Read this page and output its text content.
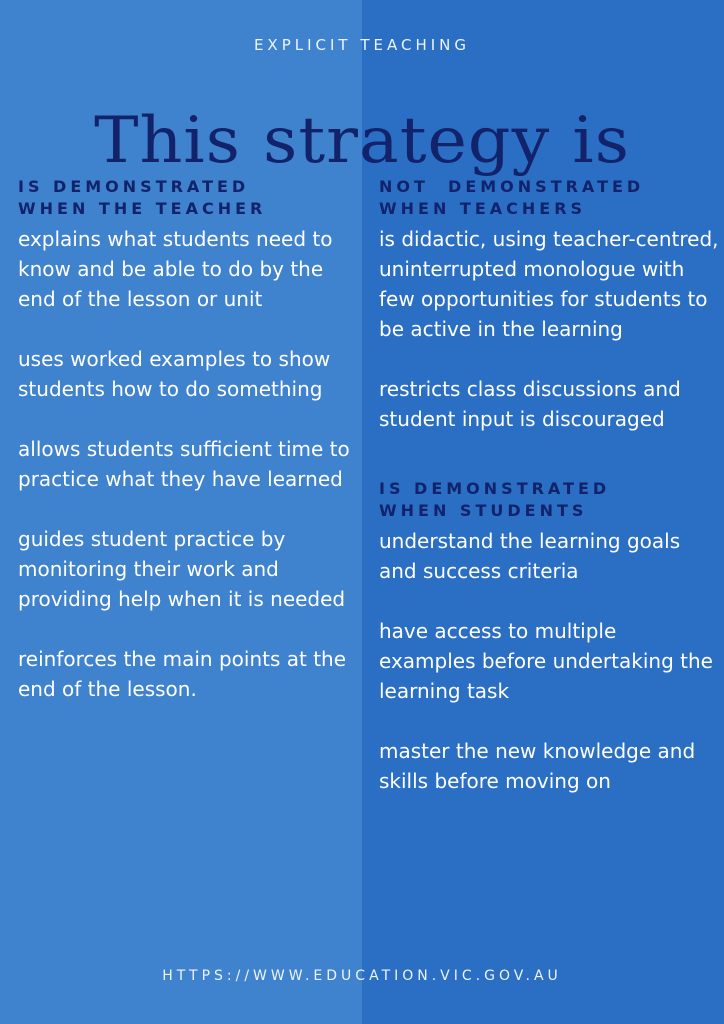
EXPLICIT TEACHING
This strategy is

IS DEMONSTRATED
WHEN THE TEACHER

explains what students need to know and be able to do by the end of the lesson or unit

uses worked examples to show students how to do something

allows students sufficient time to practice what they have learned

guides student practice by monitoring their work and providing help when it is needed

reinforces the main points at the end of the lesson.

NOT  DEMONSTRATED
WHEN TEACHERS

is didactic, using teacher-centred, uninterrupted monologue with few opportunities for students to be active in the learning

restricts class discussions and student input is discouraged

IS DEMONSTRATED
WHEN STUDENTS

understand the learning goals and success criteria

have access to multiple examples before undertaking the learning task

master the new knowledge and skills before moving on

HTTPS://WWW.EDUCATION.VIC.GOV.AU
